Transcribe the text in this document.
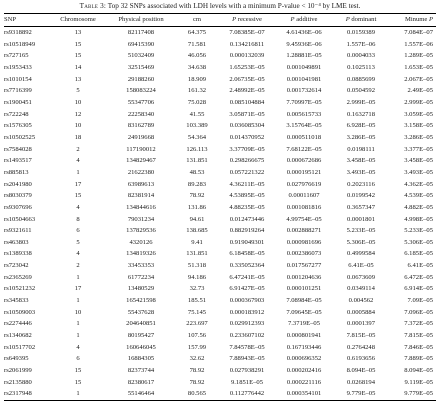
Table 3: Top 32 SNPs associated with LDH levels with a minimum P-value < 10⁻⁴ by LME test.
SNP	Chromosome	Physical position	cm	P recessive	P additive	P dominant	Minume P
rs9318892	13	82117408	64.375	7.08385E–07	4.61436E–06	0.0159389	7.084E–07
rs10518949	15	69415390	71.581	0.134216811	9.45936E–06	1.557E–06	1.557E–06
rs727165	15	51032409	46.056	0.000132039	1.28881E–05	0.0004033	1.289E–05
rs1953433	14	32515469	34.638	1.65253E–05	0.001049891	0.1025113	1.653E–05
rs1010154	13	29188260	18.909	2.06735E–05	0.001041981	0.0885699	2.067E–05
rs7716399	5	158083224	161.32	2.48992E–05	0.001732614	0.0504592	2.49E–05
rs1900451	10	55347706	75.028	0.085104884	7.70997E–05	2.999E–05	2.999E–05
rs722248	12	22258340	41.55	3.05871E–05	0.005615733	0.1632718	3.059E–05
rs1576305	10	83162789	103.389	0.036085304	3.15764E–05	6.928E–05	3.158E–05
rs10502525	18	24919668	54.364	0.014370952	0.000511018	3.286E–05	3.286E–05
rs7584028	2	117190012	126.113	3.37709E–05	7.68122E–05	0.0198111	3.377E–05
rs1493517	4	134829467	131.851	0.298266675	0.000672686	3.458E–05	3.458E–05
rs885813	1	21622380	48.53	0.057221322	0.000195121	3.493E–05	3.493E–05
rs2041980	17	63989613	89.283	4.36211E–05	0.027976619	0.2023116	4.362E–05
rs8030379	15	82381914	78.92	4.53895E–05	0.00011607	0.0199542	4.539E–05
rs9307696	4	134844616	131.86	4.88235E–05	0.001081816	0.3657347	4.882E–05
rs10504663	8	79031234	94.61	0.012473446	4.99754E–05	0.0001801	4.998E–05
rs9321611	6	137829536	138.685	0.882919264	0.002888271	5.233E–05	5.233E–05
rs463803	5	4320126	9.41	0.919049301	0.000981696	5.306E–05	5.306E–05
rs1389338	4	134819326	131.851	6.18458E–05	0.002386073	0.4999584	6.185E–05
rs723042	2	33453353	51.318	0.335052364	0.017567277	6.41E–05	6.41E–05
rs2365269	1	61772234	94.186	6.47241E–05	0.001204636	0.0673609	6.472E–05
rs10521232	17	13480529	32.73	6.91427E–05	0.000101251	0.0349114	6.914E–05
rs345833	1	165421598	185.51	0.000367903	7.08984E–05	0.004562	7.09E–05
rs10509003	10	55437628	75.145	0.000183912	7.09645E–05	0.0005884	7.096E–05
rs2274446	1	204640851	223.697	0.029912393	7.3719E–05	0.0001397	7.372E–05
rs1340682	1	80195427	107.56	0.233607102	0.000801941	7.815E–05	7.815E–05
rs10517702	4	160646045	157.99	7.84578E–05	0.167193446	0.2764248	7.846E–05
rs649395	6	16884305	32.62	7.88943E–05	0.000696352	0.6193656	7.889E–05
rs2061999	15	82373744	78.92	0.027938291	0.000202416	8.094E–05	8.094E–05
rs2135880	15	82380617	78.92	9.1851E–05	0.000221116	0.0268194	9.119E–05
rs2317948	1	55146464	80.565	0.112776442	0.000354101	9.779E–05	9.779E–05
